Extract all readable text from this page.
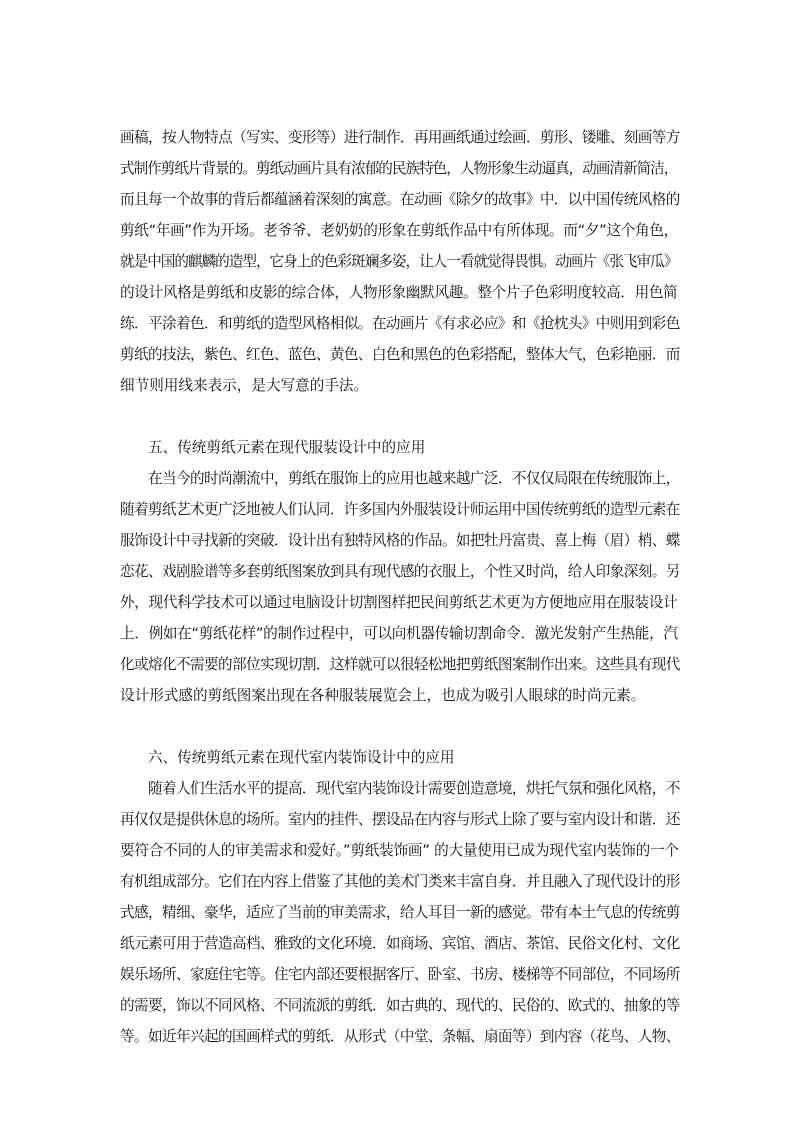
画稿，按人物特点（写实、变形等）进行制作．再用画纸通过绘画．剪形、镂雕、刻画等方
式制作剪纸片背景的。剪纸动画片具有浓郁的民族特色，人物形象生动逼真，动画清新简洁，
而且每一个故事的背后都蕴涵着深刻的寓意。在动画《除夕的故事》中．以中国传统风格的
剪纸“年画”作为开场。老爷爷、老奶奶的形象在剪纸作品中有所体现。而“夕”这个角色，
就是中国的麒麟的造型，它身上的色彩斑斓多姿，让人一看就觉得畏惧。动画片《张飞审瓜》
的设计风格是剪纸和皮影的综合体，人物形象幽默风趣。整个片子色彩明度较高．用色简
练．平涂着色．和剪纸的造型风格相似。在动画片《有求必应》和《抢枕头》中则用到彩色
剪纸的技法，紫色、红色、蓝色、黄色、白色和黑色的色彩搭配，整体大气，色彩艳丽．而
细节则用线来表示，是大写意的手法。
五、传统剪纸元素在现代服装设计中的应用
在当今的时尚潮流中，剪纸在服饰上的应用也越来越广泛．不仅仅局限在传统服饰上，
随着剪纸艺术更广泛地被人们认同．许多国内外服装设计师运用中国传统剪纸的造型元素在
服饰设计中寻找新的突破．设计出有独特风格的作品。如把牡丹富贵、喜上梅（眉）梢、蝶
恋花、戏剧脸谱等多套剪纸图案放到具有现代感的衣服上，个性又时尚，给人印象深刻。另
外，现代科学技术可以通过电脑设计切割图样把民间剪纸艺术更为方便地应用在服装设计
上．例如在“剪纸花样”的制作过程中，可以向机器传输切割命令．激光发射产生热能，汽
化或熔化不需要的部位实现切割．这样就可以很轻松地把剪纸图案制作出来。这些具有现代
设计形式感的剪纸图案出现在各种服装展览会上，也成为吸引人眼球的时尚元素。
六、传统剪纸元素在现代室内装饰设计中的应用
随着人们生活水平的提高．现代室内装饰设计需要创造意境，烘托气氛和强化风格，不
再仅仅是提供休息的场所。室内的挂件、摆设品在内容与形式上除了要与室内设计和谐．还
要符合不同的人的审美需求和爱好。”剪纸装饰画” 的大量使用已成为现代室内装饰的一个
有机组成部分。它们在内容上借鉴了其他的美术门类来丰富自身．并且融入了现代设计的形
式感，精细、豪华，适应了当前的审美需求，给人耳目一新的感觉。带有本土气息的传统剪
纸元素可用于营造高档、雅致的文化环境．如商场、宾馆、酒店、茶馆、民俗文化村、文化
娱乐场所、家庭住宅等。住宅内部还要根据客厅、卧室、书房、楼梯等不同部位，不同场所
的需要，饰以不同风格、不同流派的剪纸．如古典的、现代的、民俗的、欧式的、抽象的等
等。如近年兴起的国画样式的剪纸．从形式（中堂、条幅、扇面等）到内容（花鸟、人物、
